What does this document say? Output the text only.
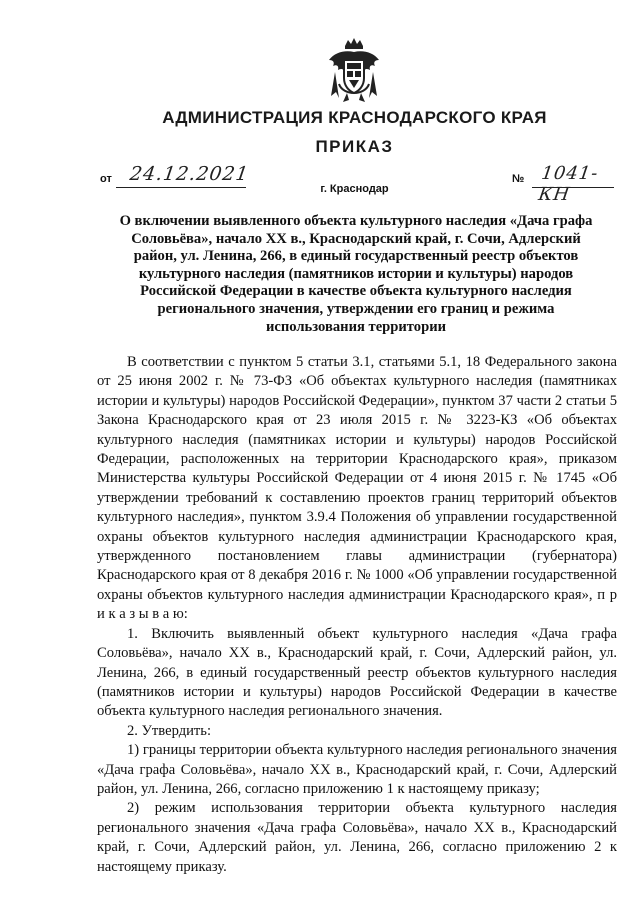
АДМИНИСТРАЦИЯ КРАСНОДАРСКОГО КРАЯ
ПРИКАЗ
от 24.12.2021	№ 1041-КН
г. Краснодар
О включении выявленного объекта культурного наследия «Дача графа Соловьёва», начало XX в., Краснодарский край, г. Сочи, Адлерский район, ул. Ленина, 266, в единый государственный реестр объектов культурного наследия (памятников истории и культуры) народов Российской Федерации в качестве объекта культурного наследия регионального значения, утверждении его границ и режима использования территории

В соответствии с пунктом 5 статьи 3.1, статьями 5.1, 18 Федерального закона от 25 июня 2002 г. № 73-ФЗ «Об объектах культурного наследия (памятниках истории и культуры) народов Российской Федерации», пунктом 37 части 2 статьи 5 Закона Краснодарского края от 23 июля 2015 г. № 3223-КЗ «Об объектах культурного наследия (памятниках истории и культуры) народов Российской Федерации, расположенных на территории Краснодарского края», приказом Министерства культуры Российской Федерации от 4 июня 2015 г. № 1745 «Об утверждении требований к составлению проектов границ территорий объектов культурного наследия», пунктом 3.9.4 Положения об управлении государственной охраны объектов культурного наследия администрации Краснодарского края, утвержденного постановлением главы администрации (губернатора) Краснодарского края от 8 декабря 2016 г. № 1000 «Об управлении государственной охраны объектов культурного наследия администрации Краснодарского края», п р и к а з ы в а ю:

1. Включить выявленный объект культурного наследия «Дача графа Соловьёва», начало XX в., Краснодарский край, г. Сочи, Адлерский район, ул. Ленина, 266, в единый государственный реестр объектов культурного наследия (памятников истории и культуры) народов Российской Федерации в качестве объекта культурного наследия регионального значения.

2. Утвердить:

1) границы территории объекта культурного наследия регионального значения «Дача графа Соловьёва», начало XX в., Краснодарский край, г. Сочи, Адлерский район, ул. Ленина, 266, согласно приложению 1 к настоящему приказу;

2) режим использования территории объекта культурного наследия регионального значения «Дача графа Соловьёва», начало XX в., Краснодарский край, г. Сочи, Адлерский район, ул. Ленина, 266, согласно приложению 2 к настоящему приказу.
